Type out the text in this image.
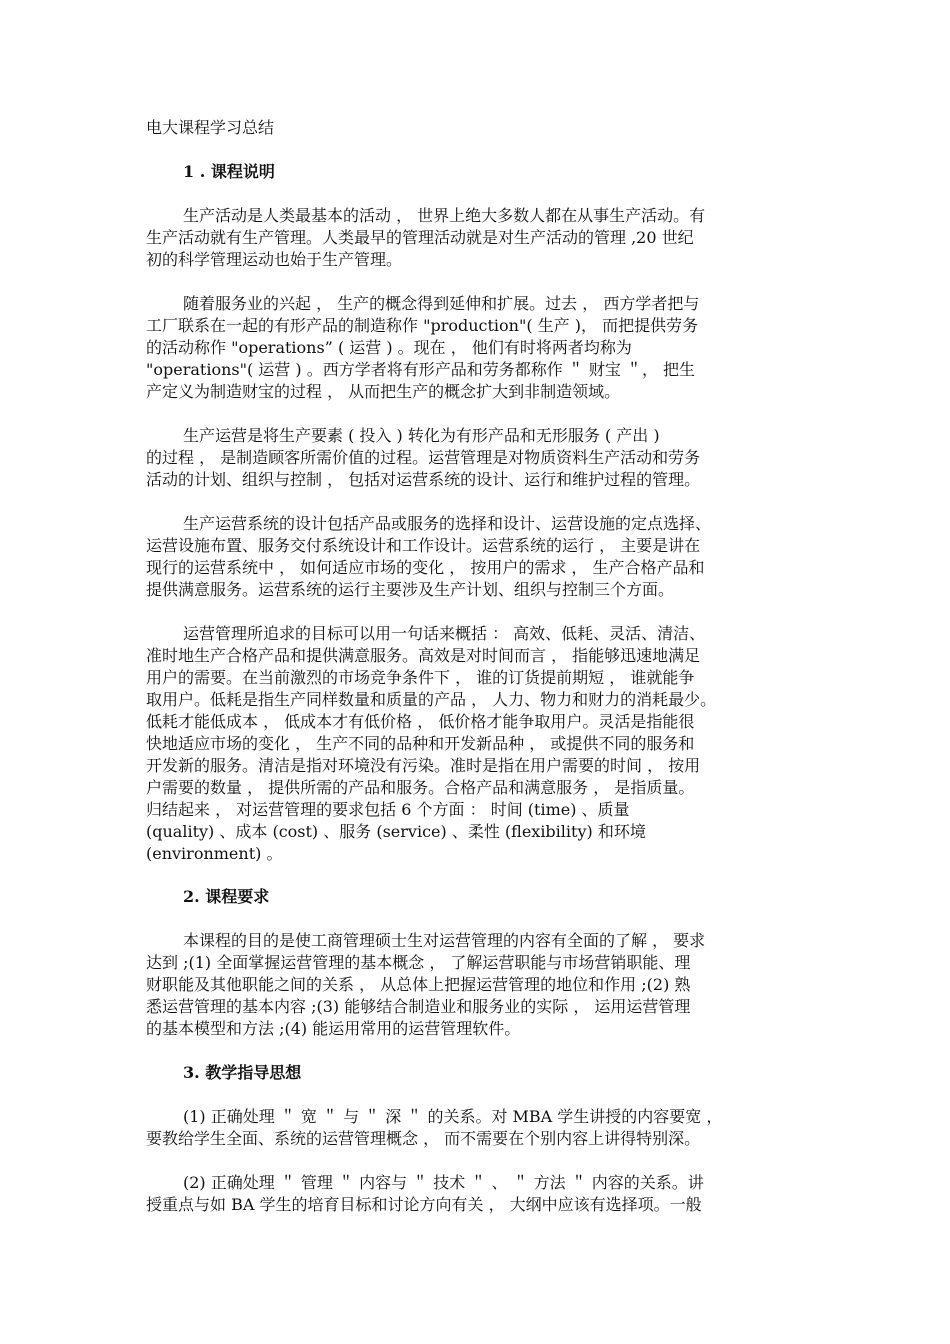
电大课程学习总结
1 . 课程说明
生产活动是人类最基本的活动 ， 世界上绝大多数人都在从事生产活动。有
生产活动就有生产管理。人类最早的管理活动就是对生产活动的管理 ,20 世纪
初的科学管理运动也始于生产管理。
随着服务业的兴起 ， 生产的概念得到延伸和扩展。过去 ， 西方学者把与
工厂联系在一起的有形产品的制造称作 "production"( 生产 )， 而把提供劳务
的活动称作 "operations” ( 运营 ) 。现在 ， 他们有时将两者均称为
"operations"( 运营 ) 。西方学者将有形产品和劳务都称作 ＂ 财宝 ＂， 把生
产定义为制造财宝的过程 ， 从而把生产的概念扩大到非制造领域。
生产运营是将生产要素 ( 投入 ) 转化为有形产品和无形服务 ( 产出 )
的过程 ， 是制造顾客所需价值的过程。运营管理是对物质资料生产活动和劳务
活动的计划、组织与控制 ， 包括对运营系统的设计、运行和维护过程的管理。
生产运营系统的设计包括产品或服务的选择和设计、运营设施的定点选择、
运营设施布置、服务交付系统设计和工作设计。运营系统的运行 ， 主要是讲在
现行的运营系统中 ， 如何适应市场的变化 ， 按用户的需求 ， 生产合格产品和
提供满意服务。运营系统的运行主要涉及生产计划、组织与控制三个方面。
运营管理所追求的目标可以用一句话来概括 ： 高效、低耗、灵活、清洁、
准时地生产合格产品和提供满意服务。高效是对时间而言 ， 指能够迅速地满足
用户的需要。在当前激烈的市场竞争条件下 ， 谁的订货提前期短 ， 谁就能争
取用户。低耗是指生产同样数量和质量的产品 ， 人力、物力和财力的消耗最少。
低耗才能低成本 ， 低成本才有低价格 ， 低价格才能争取用户。灵活是指能很
快地适应市场的变化 ， 生产不同的品种和开发新品种 ， 或提供不同的服务和
开发新的服务。清洁是指对环境没有污染。准时是指在用户需要的时间 ， 按用
户需要的数量 ， 提供所需的产品和服务。合格产品和满意服务 ， 是指质量。
归结起来 ， 对运营管理的要求包括 6 个方面 ： 时间 (time) 、质量
(quality) 、成本 (cost) 、服务 (service) 、柔性 (flexibility) 和环境
(environment) 。
2. 课程要求
本课程的目的是使工商管理硕士生对运营管理的内容有全面的了解 ， 要求
达到 ;(1) 全面掌握运营管理的基本概念 ， 了解运营职能与市场营销职能、理
财职能及其他职能之间的关系 ， 从总体上把握运营管理的地位和作用 ;(2) 熟
悉运营管理的基本内容 ;(3) 能够结合制造业和服务业的实际 ， 运用运营管理
的基本模型和方法 ;(4) 能运用常用的运营管理软件。
3. 教学指导思想
(1) 正确处理 ＂ 宽 ＂ 与 ＂ 深 ＂ 的关系。对 MBA 学生讲授的内容要宽 ，
要教给学生全面、系统的运营管理概念 ， 而不需要在个别内容上讲得特别深。
(2) 正确处理 ＂ 管理 ＂ 内容与 ＂ 技术 ＂ 、 ＂ 方法 ＂ 内容的关系。讲
授重点与如 BA 学生的培育目标和讨论方向有关 ， 大纲中应该有选择项。一般
